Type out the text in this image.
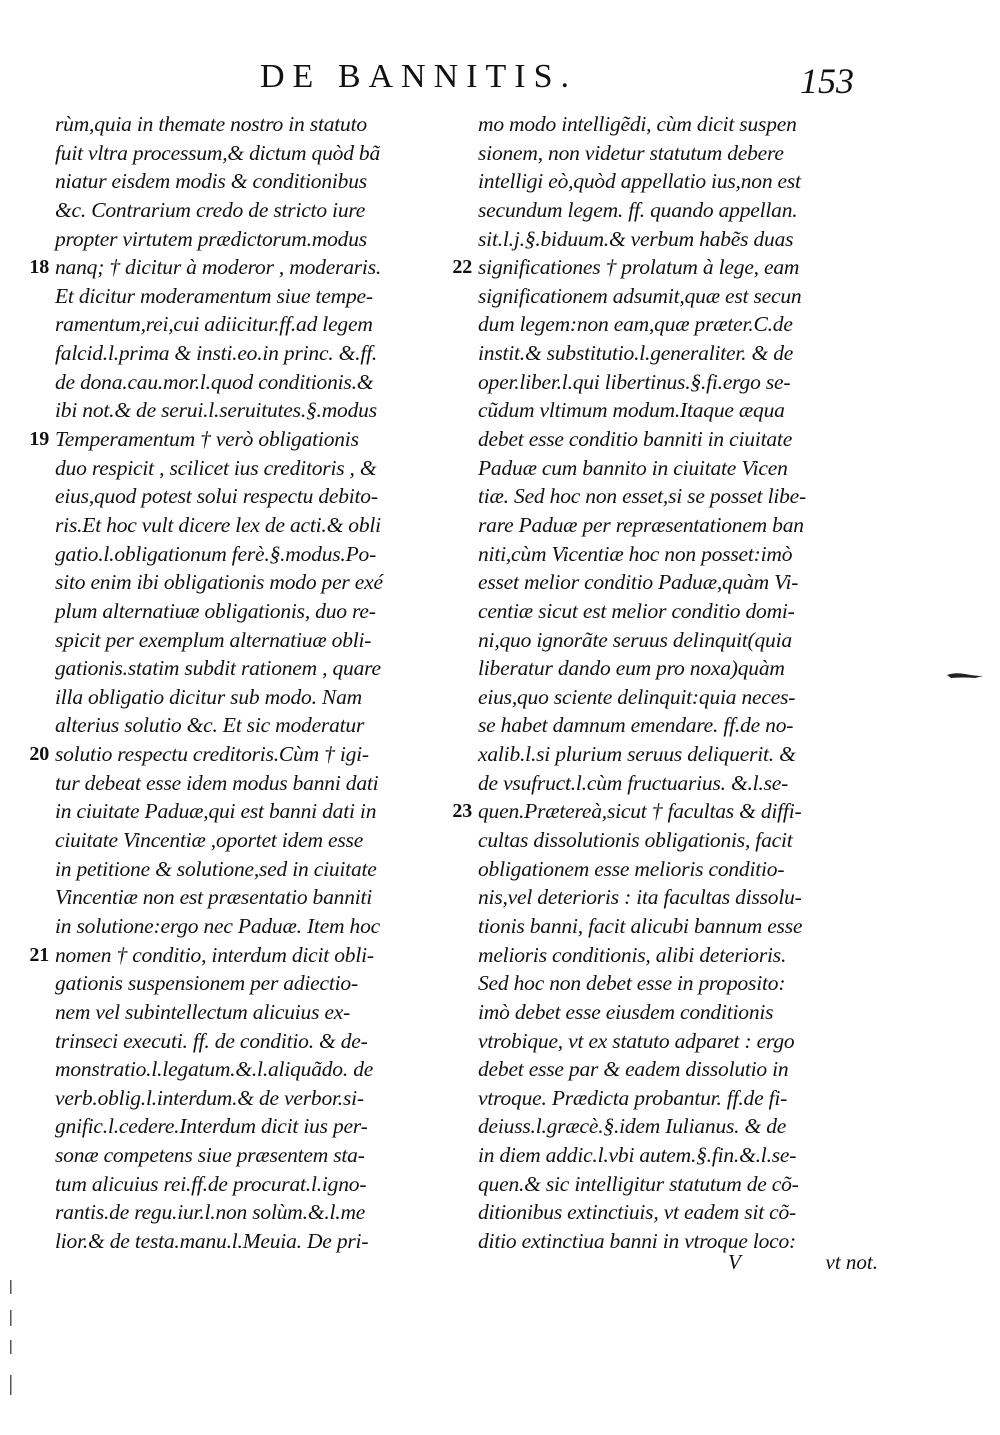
DE BANNITIS.	153
rùm,quia in themate nostro in statuto
fuit vltra processum,& dictum quòd bã
niatur eisdem modis & conditionibus
&c. Contrarium credo de stricto iure
propter virtutem prædictorum.modus
18 nanq; † dicitur à moderor , moderaris.
Et dicitur moderamentum siue tempe-
ramentum,rei,cui adiicitur.ff.ad legem
falcid.l.prima & insti.eo.in princ. &.ff.
de dona.cau.mor.l.quod conditionis.&
ibi not.& de serui.l.seruitutes.§.modus
19 Temperamentum † verò obligationis
duo respicit , scilicet ius creditoris , &
eius,quod potest solui respectu debito-
ris.Et hoc vult dicere lex de acti.& obli
gatio.l.obligationum ferè.§.modus.Po-
sito enim ibi obligationis modo per exé
plum alternatiuæ obligationis, duo re-
spicit per exemplum alternatiuæ obli-
gationis.statim subdit rationem , quare
illa obligatio dicitur sub modo. Nam
alterius solutio &c. Et sic moderatur
20 solutio respectu creditoris.Cùm † igi-
tur debeat esse idem modus banni dati
in ciuitate Paduæ,qui est banni dati in
ciuitate Vincentiæ ,oportet idem esse
in petitione & solutione,sed in ciuitate
Vincentiæ non est præsentatio banniti
in solutione:ergo nec Paduæ. Item hoc
21 nomen † conditio, interdum dicit obli-
gationis suspensionem per adiectio-
nem vel subintellectum alicuius ex-
trinseci executi. ff. de conditio. & de-
monstratio.l.legatum.&.l.aliquãdo. de
verb.oblig.l.interdum.& de verbor.si-
gnific.l.cedere.Interdum dicit ius per-
sonæ competens siue præsentem sta-
tum alicuius rei.ff.de procurat.l.igno-
rantis.de regu.iur.l.non solùm.&.l.me
lior.& de testa.manu.l.Meuia. De pri-
mo modo intelligẽdi, cùm dicit suspen
sionem, non videtur statutum debere
intelligi eò,quòd appellatio ius,non est
secundum legem. ff. quando appellan.
sit.l.j.§.biduum.& verbum habẽs duas
22 significationes † prolatum à lege, eam
significationem adsumit,quæ est secun
dum legem:non eam,quæ præter.C.de
instit.& substitutio.l.generaliter. & de
oper.liber.l.qui libertinus.§.fi.ergo se-
cũdum vltimum modum.Itaque æqua
debet esse conditio banniti in ciuitate
Paduæ cum bannito in ciuitate Vicen
tiæ. Sed hoc non esset,si se posset libe-
rare Paduæ per repræsentationem ban
niti,cùm Vicentiæ hoc non posset:imò
esset melior conditio Paduæ,quàm Vi-
centiæ sicut est melior conditio domi-
ni,quo ignorãte seruus delinquit(quia
liberatur dando eum pro noxa)quàm
eius,quo sciente delinquit:quia neces-
se habet damnum emendare. ff.de no-
xalib.l.si plurium seruus deliquerit. &
de vsufruct.l.cùm fructuarius. &.l.se-
23 quen.Prætereà,sicut † facultas & diffi-
cultas dissolutionis obligationis, facit
obligationem esse melioris conditio-
nis,vel deterioris : ita facultas dissolu-
tionis banni, facit alicubi bannum esse
melioris conditionis, alibi deterioris.
Sed hoc non debet esse in proposito:
imò debet esse eiusdem conditionis
vtrobique, vt ex statuto adparet : ergo
debet esse par & eadem dissolutio in
vtroque. Prædicta probantur. ff.de fi-
deiuss.l.græcè.§.idem Iulianus. & de
in diem addic.l.vbi autem.§.fin.&.l.se-
quen.& sic intelligitur statutum de cõ-
ditionibus extinctiuis, vt eadem sit cõ-
ditio extinctiua banni in vtroque loco:
V	vt not.
